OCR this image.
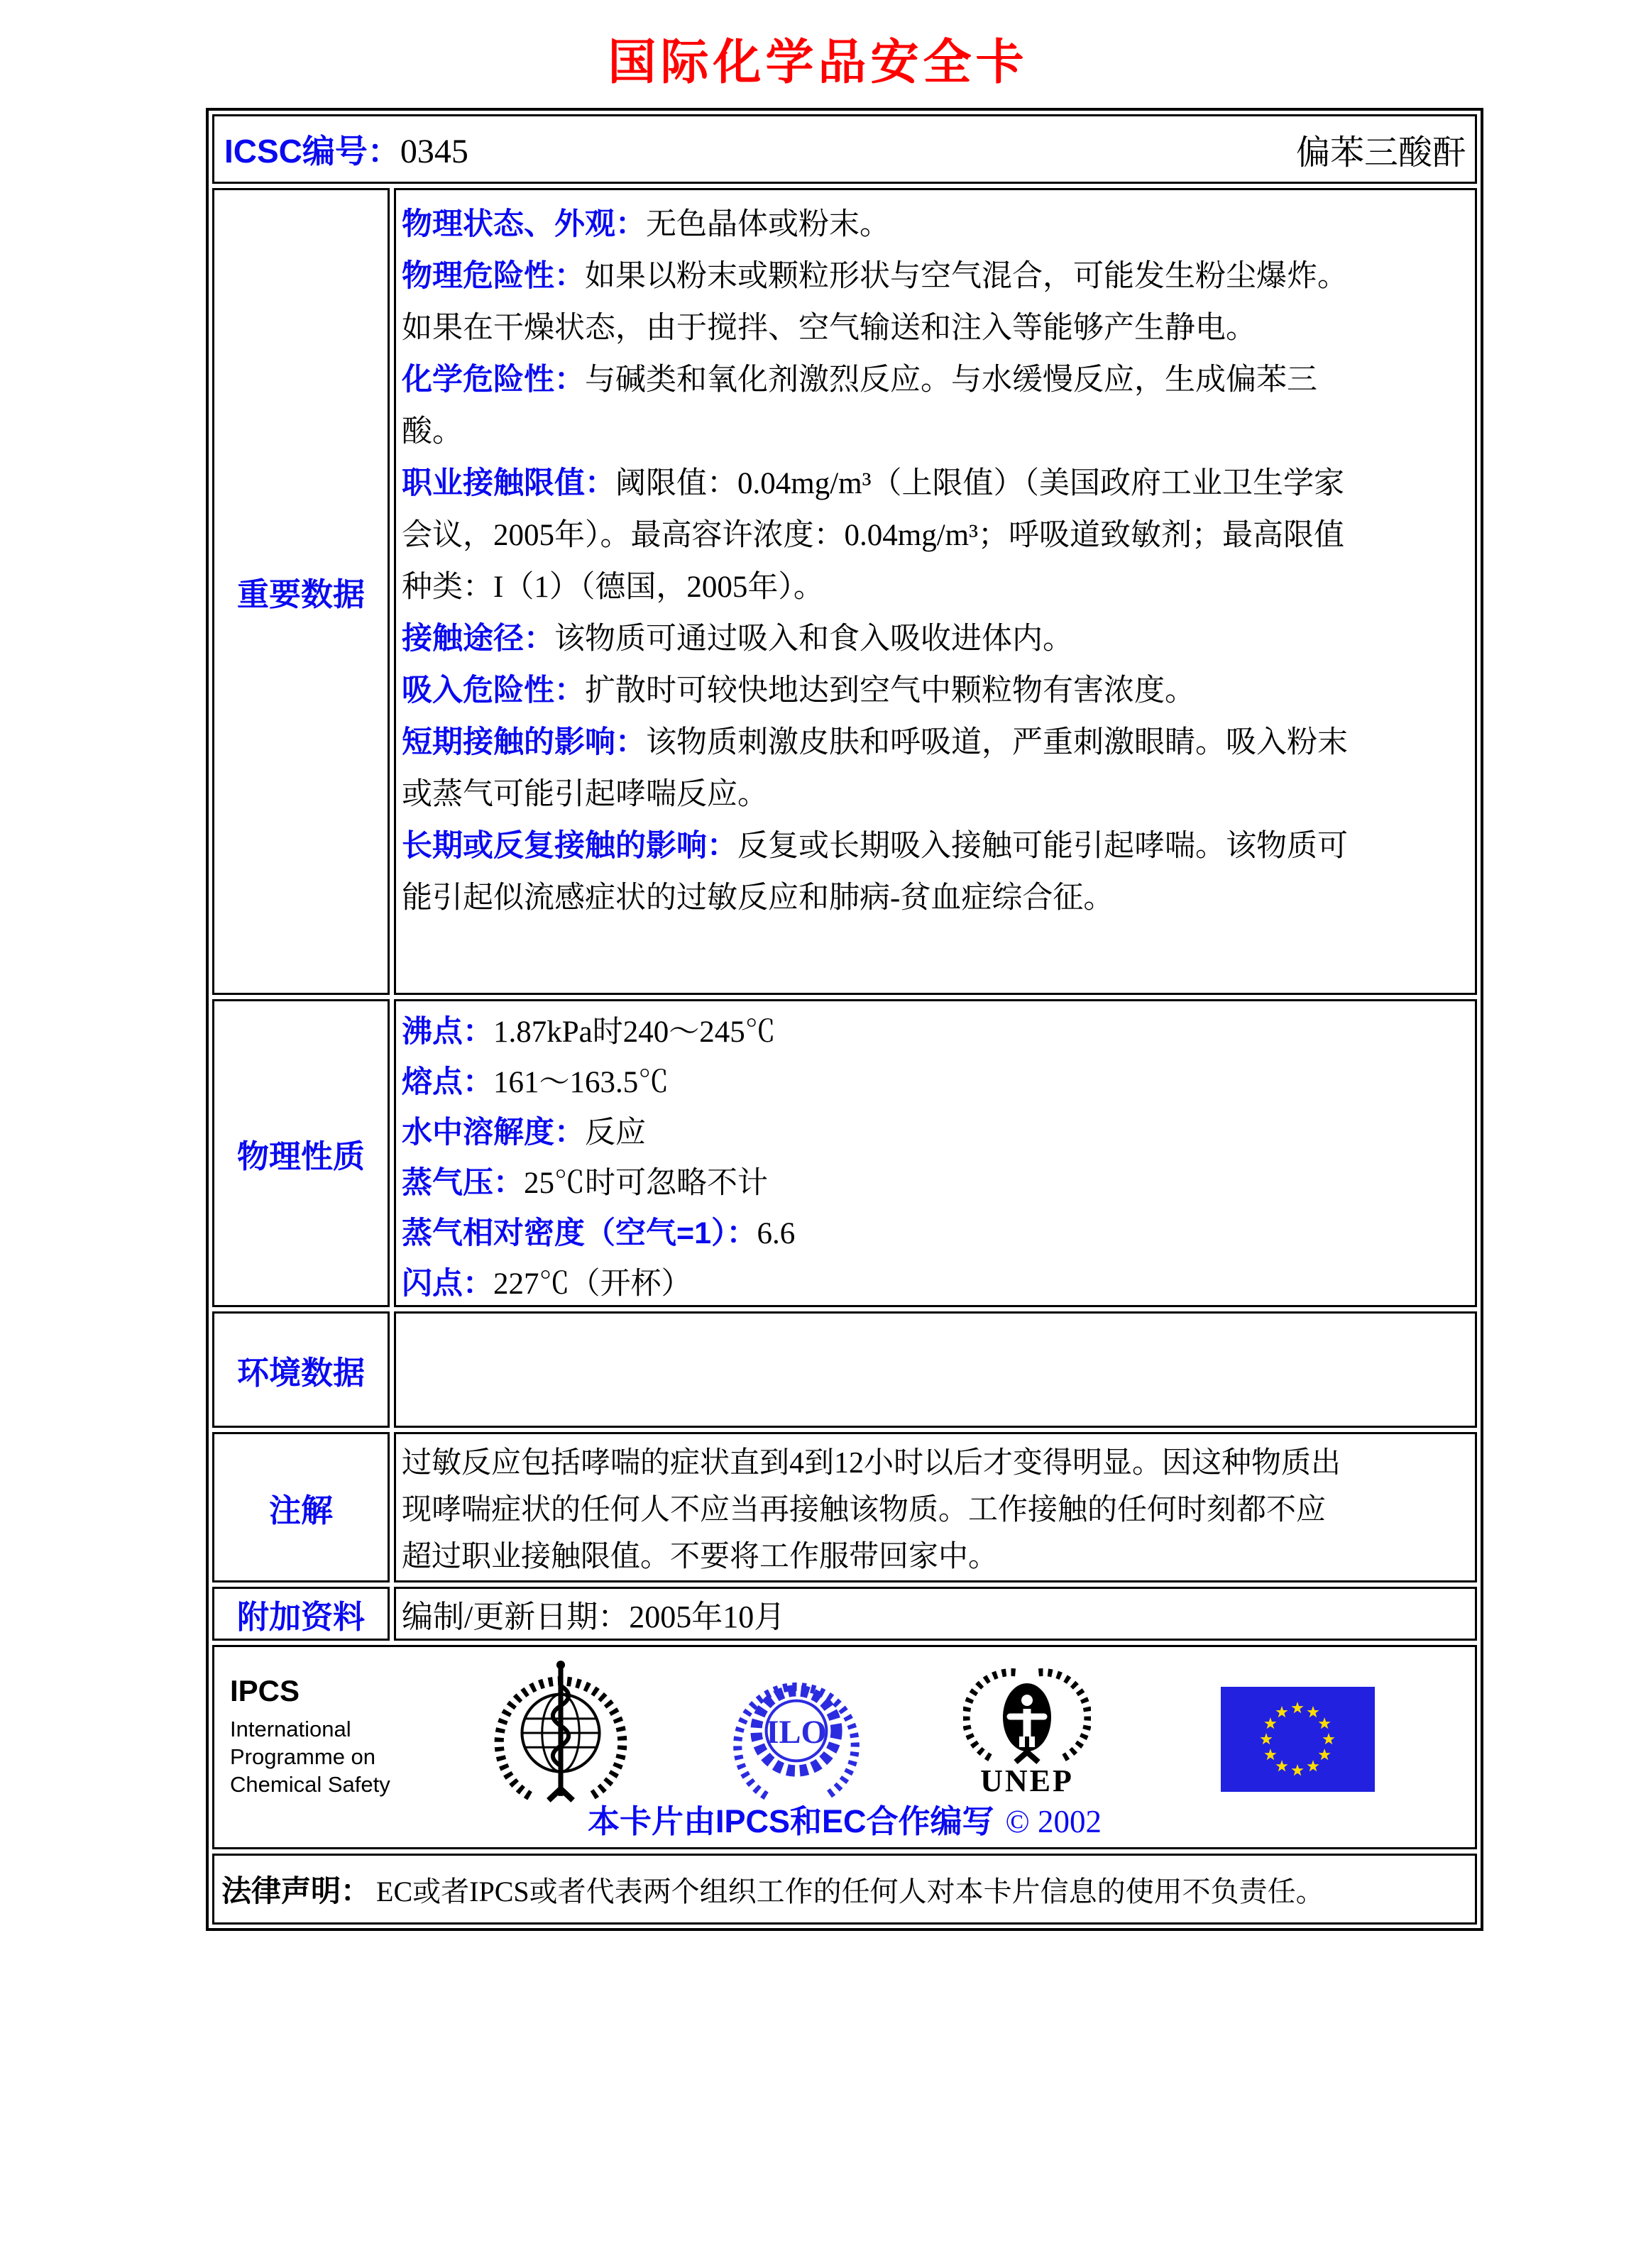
国际化学品安全卡
ICSC编号：0345	偏苯三酸酐
重要数据
物理状态、外观：无色晶体或粉末。
物理危险性：如果以粉末或颗粒形状与空气混合，可能发生粉尘爆炸。
如果在干燥状态，由于搅拌、空气输送和注入等能够产生静电。
化学危险性：与碱类和氧化剂激烈反应。与水缓慢反应，生成偏苯三
酸。
职业接触限值：阈限值：0.04mg/m³（上限值）（美国政府工业卫生学家
会议，2005年）。最高容许浓度：0.04mg/m³；呼吸道致敏剂；最高限值
种类：I（1）（德国，2005年）。
接触途径：该物质可通过吸入和食入吸收进体内。
吸入危险性：扩散时可较快地达到空气中颗粒物有害浓度。
短期接触的影响：该物质刺激皮肤和呼吸道，严重刺激眼睛。吸入粉末
或蒸气可能引起哮喘反应。
长期或反复接触的影响：反复或长期吸入接触可能引起哮喘。该物质可
能引起似流感症状的过敏反应和肺病-贫血症综合征。
物理性质
沸点：1.87kPa时240～245℃
熔点：161～163.5℃
水中溶解度：反应
蒸气压：25℃时可忽略不计
蒸气相对密度（空气=1）：6.6
闪点：227℃（开杯）
环境数据
注解
过敏反应包括哮喘的症状直到4到12小时以后才变得明显。因这种物质出
现哮喘症状的任何人不应当再接触该物质。工作接触的任何时刻都不应
超过职业接触限值。不要将工作服带回家中。
附加资料	编制/更新日期：2005年10月
IPCS
International
Programme on
Chemical Safety
ILO
UNEP
本卡片由IPCS和EC合作编写 © 2002
法律声明： EC或者IPCS或者代表两个组织工作的任何人对本卡片信息的使用不负责任。
